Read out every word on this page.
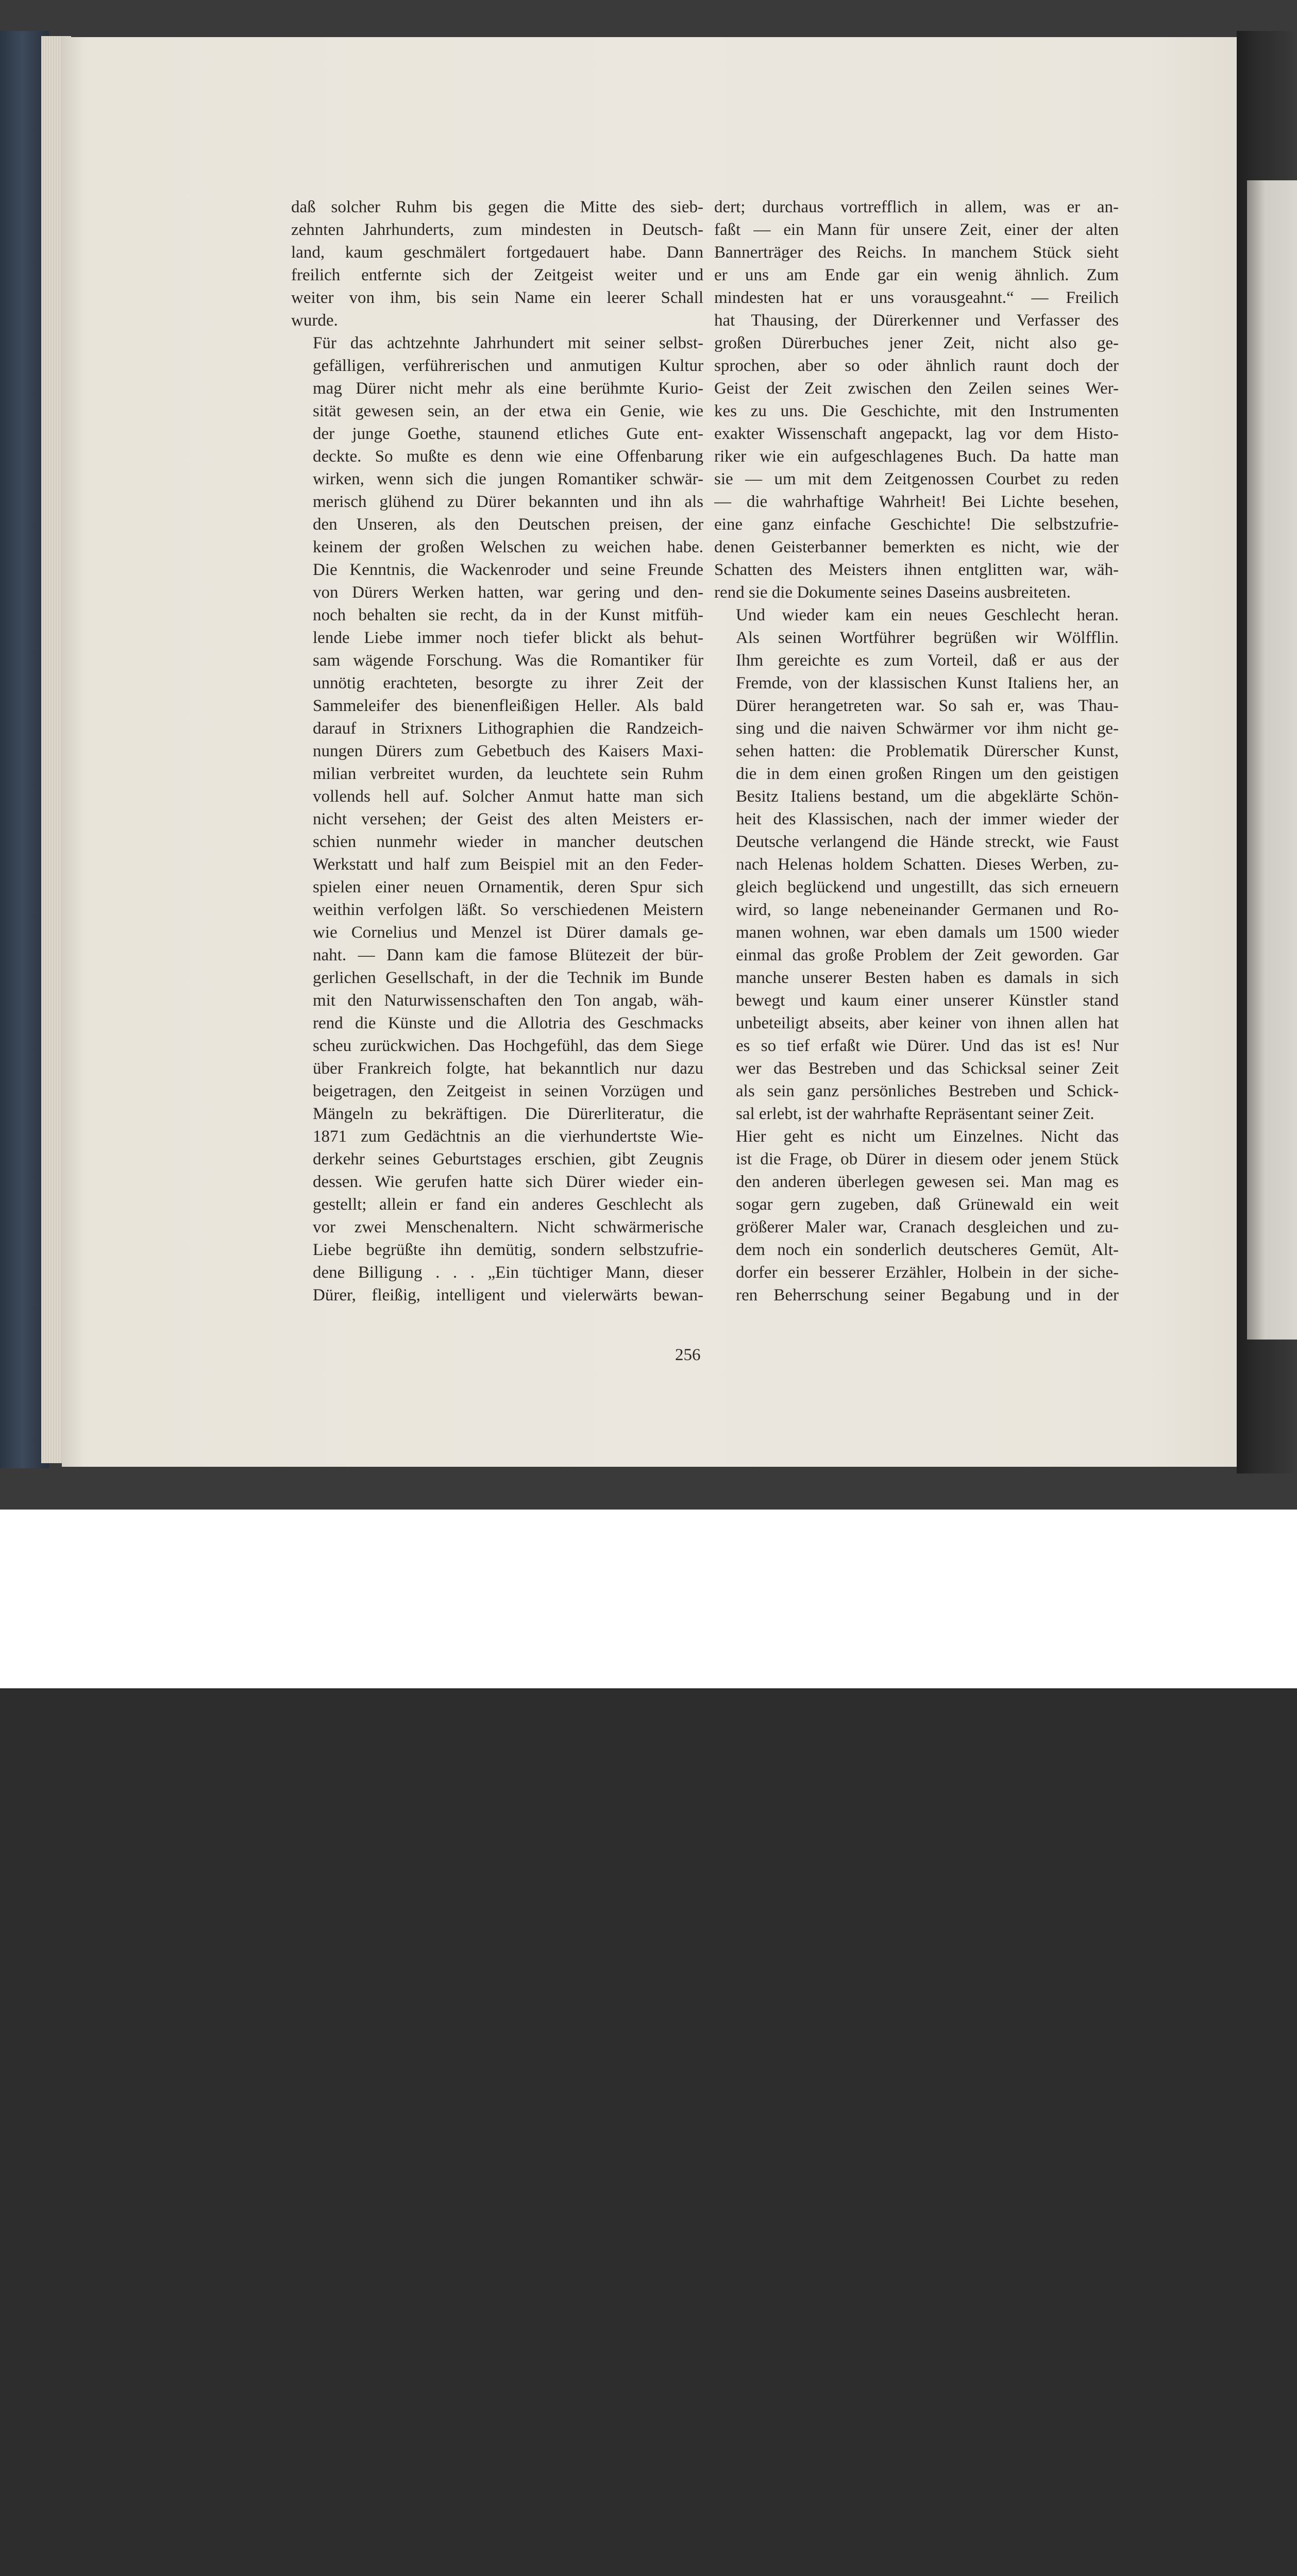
daß solcher Ruhm bis gegen die Mitte des sieb-
zehnten Jahrhunderts, zum mindesten in Deutsch-
land, kaum geschmälert fortgedauert habe. Dann
freilich entfernte sich der Zeitgeist weiter und
weiter von ihm, bis sein Name ein leerer Schall
wurde.

Für das achtzehnte Jahrhundert mit seiner selbst-
gefälligen, verführerischen und anmutigen Kultur
mag Dürer nicht mehr als eine berühmte Kurio-
sität gewesen sein, an der etwa ein Genie, wie
der junge Goethe, staunend etliches Gute ent-
deckte. So mußte es denn wie eine Offenbarung
wirken, wenn sich die jungen Romantiker schwär-
merisch glühend zu Dürer bekannten und ihn als
den Unseren, als den Deutschen preisen, der
keinem der großen Welschen zu weichen habe.
Die Kenntnis, die Wackenroder und seine Freunde
von Dürers Werken hatten, war gering und den-
noch behalten sie recht, da in der Kunst mitfüh-
lende Liebe immer noch tiefer blickt als behut-
sam wägende Forschung. Was die Romantiker für
unnötig erachteten, besorgte zu ihrer Zeit der
Sammeleifer des bienenfleißigen Heller. Als bald
darauf in Strixners Lithographien die Randzeich-
nungen Dürers zum Gebetbuch des Kaisers Maxi-
milian verbreitet wurden, da leuchtete sein Ruhm
vollends hell auf. Solcher Anmut hatte man sich
nicht versehen; der Geist des alten Meisters er-
schien nunmehr wieder in mancher deutschen
Werkstatt und half zum Beispiel mit an den Feder-
spielen einer neuen Ornamentik, deren Spur sich
weithin verfolgen läßt. So verschiedenen Meistern
wie Cornelius und Menzel ist Dürer damals ge-
naht. — Dann kam die famose Blütezeit der bür-
gerlichen Gesellschaft, in der die Technik im Bunde
mit den Naturwissenschaften den Ton angab, wäh-
rend die Künste und die Allotria des Geschmacks
scheu zurückwichen. Das Hochgefühl, das dem Siege
über Frankreich folgte, hat bekanntlich nur dazu
beigetragen, den Zeitgeist in seinen Vorzügen und
Mängeln zu bekräftigen. Die Dürerliteratur, die
1871 zum Gedächtnis an die vierhundertste Wie-
derkehr seines Geburtstages erschien, gibt Zeugnis
dessen. Wie gerufen hatte sich Dürer wieder ein-
gestellt; allein er fand ein anderes Geschlecht als
vor zwei Menschenaltern. Nicht schwärmerische
Liebe begrüßte ihn demütig, sondern selbstzufrie-
dene Billigung . . . „Ein tüchtiger Mann, dieser
Dürer, fleißig, intelligent und vielerwärts bewan-

dert; durchaus vortrefflich in allem, was er an-
faßt — ein Mann für unsere Zeit, einer der alten
Bannerträger des Reichs. In manchem Stück sieht
er uns am Ende gar ein wenig ähnlich. Zum
mindesten hat er uns vorausgeahnt.“ — Freilich
hat Thausing, der Dürerkenner und Verfasser des
großen Dürerbuches jener Zeit, nicht also ge-
sprochen, aber so oder ähnlich raunt doch der
Geist der Zeit zwischen den Zeilen seines Wer-
kes zu uns. Die Geschichte, mit den Instrumenten
exakter Wissenschaft angepackt, lag vor dem Histo-
riker wie ein aufgeschlagenes Buch. Da hatte man
sie — um mit dem Zeitgenossen Courbet zu reden
— die wahrhaftige Wahrheit! Bei Lichte besehen,
eine ganz einfache Geschichte! Die selbstzufrie-
denen Geisterbanner bemerkten es nicht, wie der
Schatten des Meisters ihnen entglitten war, wäh-
rend sie die Dokumente seines Daseins ausbreiteten.

Und wieder kam ein neues Geschlecht heran.
Als seinen Wortführer begrüßen wir Wölfflin.
Ihm gereichte es zum Vorteil, daß er aus der
Fremde, von der klassischen Kunst Italiens her, an
Dürer herangetreten war. So sah er, was Thau-
sing und die naiven Schwärmer vor ihm nicht ge-
sehen hatten: die Problematik Dürerscher Kunst,
die in dem einen großen Ringen um den geistigen
Besitz Italiens bestand, um die abgeklärte Schön-
heit des Klassischen, nach der immer wieder der
Deutsche verlangend die Hände streckt, wie Faust
nach Helenas holdem Schatten. Dieses Werben, zu-
gleich beglückend und ungestillt, das sich erneuern
wird, so lange nebeneinander Germanen und Ro-
manen wohnen, war eben damals um 1500 wieder
einmal das große Problem der Zeit geworden. Gar
manche unserer Besten haben es damals in sich
bewegt und kaum einer unserer Künstler stand
unbeteiligt abseits, aber keiner von ihnen allen hat
es so tief erfaßt wie Dürer. Und das ist es! Nur
wer das Bestreben und das Schicksal seiner Zeit
als sein ganz persönliches Bestreben und Schick-
sal erlebt, ist der wahrhafte Repräsentant seiner Zeit.

Hier geht es nicht um Einzelnes. Nicht das
ist die Frage, ob Dürer in diesem oder jenem Stück
den anderen überlegen gewesen sei. Man mag es
sogar gern zugeben, daß Grünewald ein weit
größerer Maler war, Cranach desgleichen und zu-
dem noch ein sonderlich deutscheres Gemüt, Alt-
dorfer ein besserer Erzähler, Holbein in der siche-
ren Beherrschung seiner Begabung und in der

256
